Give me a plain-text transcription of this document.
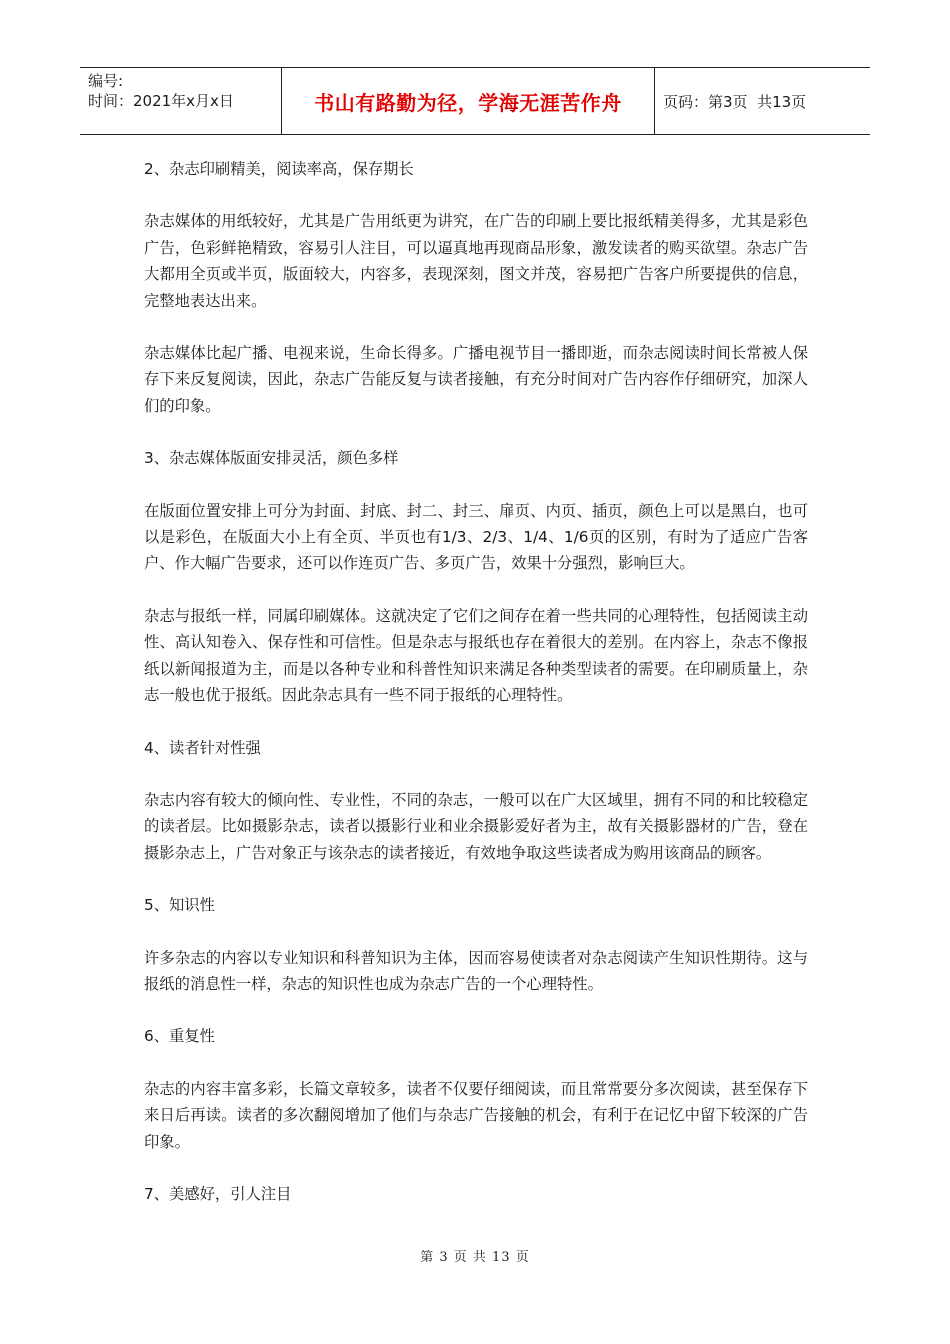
编号:
时间：2021年x月x日	书山有路勤为径，学海无涯苦作舟	页码：第3页  共13页

2、杂志印刷精美，阅读率高，保存期长

杂志媒体的用纸较好，尤其是广告用纸更为讲究，在广告的印刷上要比报纸精美得多，尤其是彩色广告，色彩鲜艳精致，容易引人注目，可以逼真地再现商品形象，激发读者的购买欲望。杂志广告大都用全页或半页，版面较大，内容多，表现深刻，图文并茂，容易把广告客户所要提供的信息，完整地表达出来。

杂志媒体比起广播、电视来说，生命长得多。广播电视节目一播即逝，而杂志阅读时间长常被人保存下来反复阅读，因此，杂志广告能反复与读者接触，有充分时间对广告内容作仔细研究，加深人们的印象。

3、杂志媒体版面安排灵活，颜色多样

在版面位置安排上可分为封面、封底、封二、封三、扉页、内页、插页，颜色上可以是黑白，也可以是彩色，在版面大小上有全页、半页也有1/3、2/3、1/4、1/6页的区别，有时为了适应广告客户、作大幅广告要求，还可以作连页广告、多页广告，效果十分强烈，影响巨大。

杂志与报纸一样，同属印刷媒体。这就决定了它们之间存在着一些共同的心理特性，包括阅读主动性、高认知卷入、保存性和可信性。但是杂志与报纸也存在着很大的差别。在内容上，杂志不像报纸以新闻报道为主，而是以各种专业和科普性知识来满足各种类型读者的需要。在印刷质量上，杂志一般也优于报纸。因此杂志具有一些不同于报纸的心理特性。

4、读者针对性强

杂志内容有较大的倾向性、专业性，不同的杂志，一般可以在广大区域里，拥有不同的和比较稳定的读者层。比如摄影杂志，读者以摄影行业和业余摄影爱好者为主，故有关摄影器材的广告，登在摄影杂志上，广告对象正与该杂志的读者接近，有效地争取这些读者成为购用该商品的顾客。

5、知识性

许多杂志的内容以专业知识和科普知识为主体，因而容易使读者对杂志阅读产生知识性期待。这与报纸的消息性一样，杂志的知识性也成为杂志广告的一个心理特性。

6、重复性

杂志的内容丰富多彩，长篇文章较多，读者不仅要仔细阅读，而且常常要分多次阅读，甚至保存下来日后再读。读者的多次翻阅增加了他们与杂志广告接触的机会，有利于在记忆中留下较深的广告印象。

7、美感好，引人注目

第 3 页 共 13 页
